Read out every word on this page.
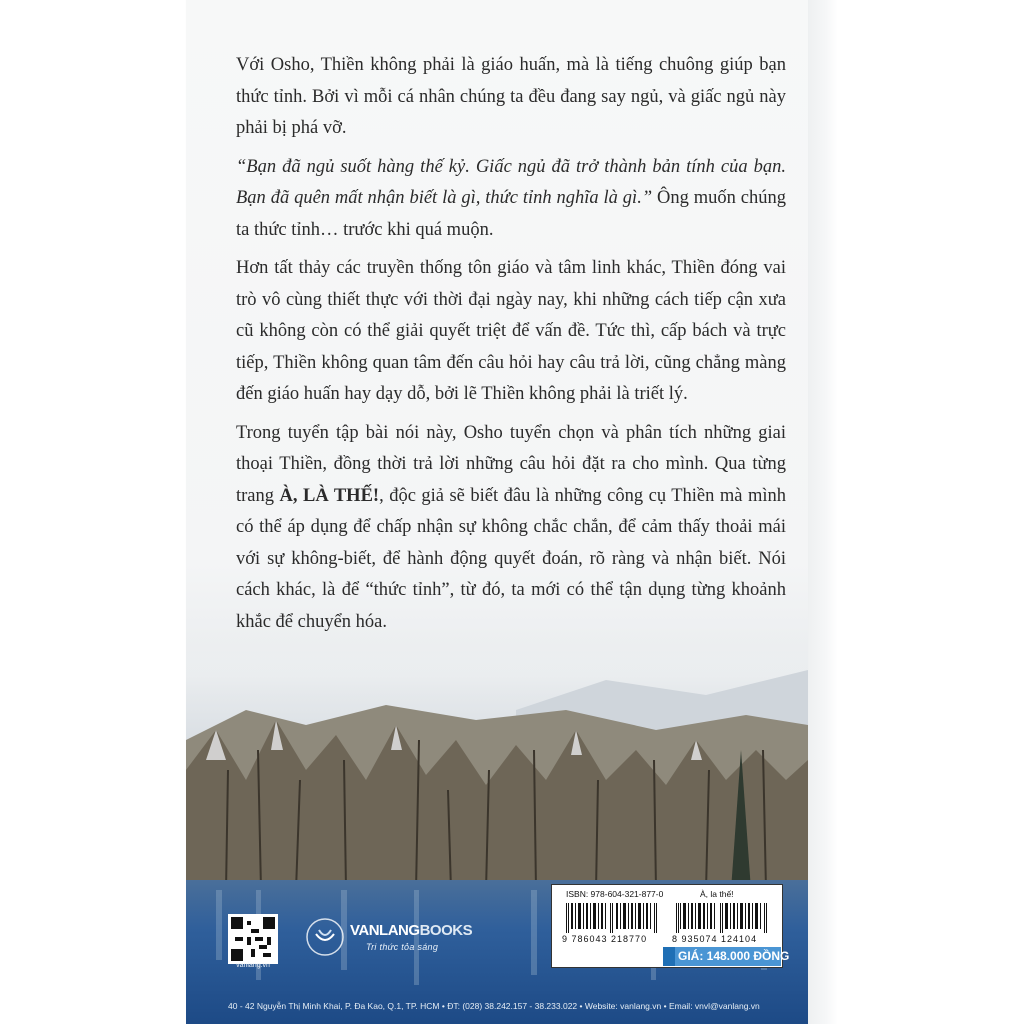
Với Osho, Thiền không phải là giáo huấn, mà là tiếng chuông giúp bạn thức tỉnh. Bởi vì mỗi cá nhân chúng ta đều đang say ngủ, và giấc ngủ này phải bị phá vỡ.

“Bạn đã ngủ suốt hàng thế kỷ. Giấc ngủ đã trở thành bản tính của bạn. Bạn đã quên mất nhận biết là gì, thức tỉnh nghĩa là gì.” Ông muốn chúng ta thức tỉnh… trước khi quá muộn.

Hơn tất thảy các truyền thống tôn giáo và tâm linh khác, Thiền đóng vai trò vô cùng thiết thực với thời đại ngày nay, khi những cách tiếp cận xưa cũ không còn có thể giải quyết triệt để vấn đề. Tức thì, cấp bách và trực tiếp, Thiền không quan tâm đến câu hỏi hay câu trả lời, cũng chẳng màng đến giáo huấn hay dạy dỗ, bởi lẽ Thiền không phải là triết lý.

Trong tuyển tập bài nói này, Osho tuyển chọn và phân tích những giai thoại Thiền, đồng thời trả lời những câu hỏi đặt ra cho mình. Qua từng trang À, LÀ THẾ!, độc giả sẽ biết đâu là những công cụ Thiền mà mình có thể áp dụng để chấp nhận sự không chắc chắn, để cảm thấy thoải mái với sự không-biết, để hành động quyết đoán, rõ ràng và nhận biết. Nói cách khác, là để “thức tỉnh”, từ đó, ta mới có thể tận dụng từng khoảnh khắc để chuyển hóa.

vanlang.vn
VANLANGBOOKS
Tri thức tỏa sáng
ISBN: 978-604-321-877-0	À, la thế!
9 786043 218770	8 935074 124104
GIÁ: 148.000 ĐỒNG
40 - 42 Nguyễn Thị Minh Khai, P. Đa Kao, Q.1, TP. HCM • ĐT: (028) 38.242.157 - 38.233.022 • Website: vanlang.vn • Email: vnvl@vanlang.vn
